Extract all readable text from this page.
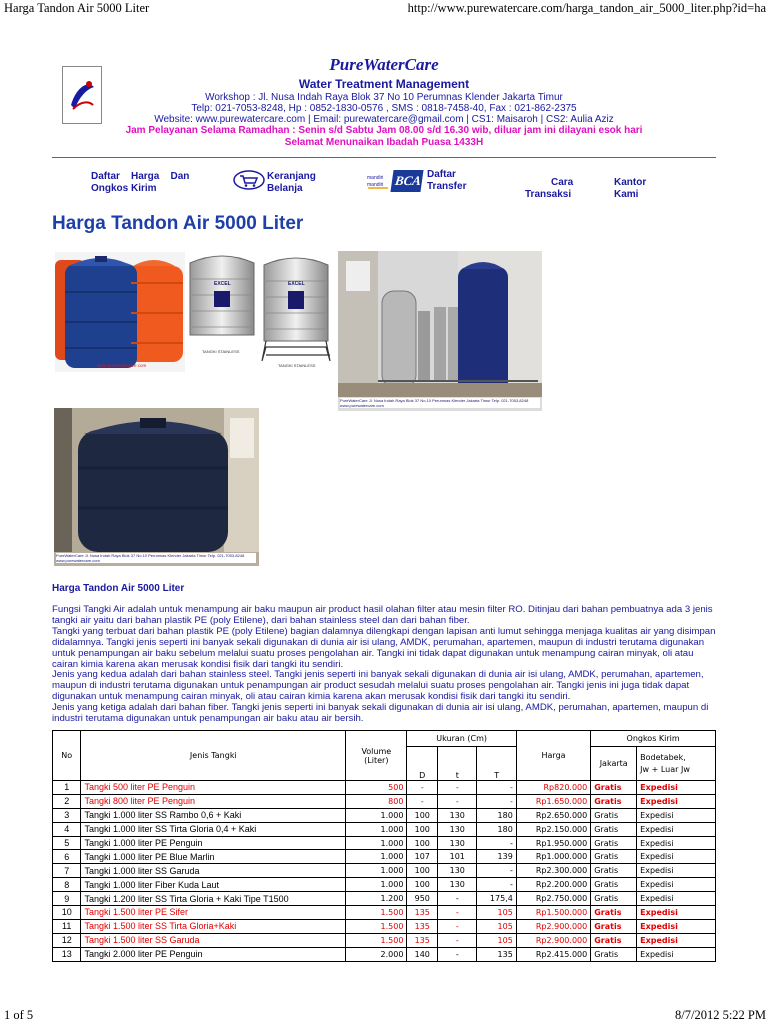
Harga Tandon Air 5000 Liter	http://www.purewatercare.com/harga_tandon_air_5000_liter.php?id=ha
PureWaterCare
Water Treatment Management
Workshop : Jl. Nusa Indah Raya Blok 37 No 10 Perumnas Klender Jakarta Timur
Telp: 021-7053-8248, Hp : 0852-1830-0576 , SMS : 0818-7458-40, Fax : 021-862-2375
Website: www.purewatercare.com | Email: purewatercare@gmail.com | CS1: Maisaroh | CS2: Aulia Aziz
Jam Pelayanan Selama Ramadhan : Senin s/d Sabtu Jam 08.00 s/d 16.30 wib, diluar jam ini dilayani esok hari
Selamat Menunaikan Ibadah Puasa 1433H
Daftar    Harga    Dan
Ongkos Kirim
Keranjang
Belanja
mandiri
mandiri BCA Daftar
Transfer	Cara
Transaksi
Kantor
Kami
Harga Tandon Air 5000 Liter
www.purewatercare.com
EXCEL	EXCEL
TANGKI STAINLESS
TANGKI STAINLESS
PureWaterCare Jl. Nusa Indah Raya Blok 37 No.10 Perumnas Klender Jakarta Timur Telp. 021-7053-8248 www.purewatercare.com
PureWaterCare Jl. Nusa Indah Raya Blok 37 No.10 Perumnas Klender Jakarta Timur Telp. 021-7053-8248 www.purewatercare.com
Harga Tandon Air 5000 Liter

Fungsi Tangki Air adalah untuk menampung air baku maupun air product hasil olahan filter atau mesin filter RO. Ditinjau dari bahan pembuatnya ada 3 jenis tangki air yaitu dari bahan plastik PE (poly Etilene), dari bahan stainless steel dan dari bahan fiber.

Tangki yang terbuat dari bahan plastik PE (poly Etilene) bagian dalamnya dilengkapi dengan lapisan anti lumut sehingga menjaga kualitas air yang disimpan didalamnya. Tangki jenis seperti ini banyak sekali digunakan di dunia air isi ulang, AMDK, perumahan, apartemen, maupun di industri terutama digunakan untuk penampungan air baku sebelum melalui suatu proses pengolahan air. Tangki ini tidak dapat digunakan untuk menampung cairan minyak, oli atau cairan kimia karena akan merusak kondisi fisik dari tangki itu sendiri.

Jenis yang kedua adalah dari bahan stainless steel. Tangki jenis seperti ini banyak sekali digunakan di dunia air isi ulang, AMDK, perumahan, apartemen, maupun di industri terutama digunakan untuk penampungan air product sesudah melalui suatu proses pengolahan air. Tangki jenis ini juga tidak dapat digunakan untuk menampung cairan minyak, oli atau cairan kimia karena akan merusak kondisi fisik dari tangki itu sendiri.

Jenis yang ketiga adalah dari bahan fiber. Tangki jenis seperti ini banyak sekali digunakan di dunia air isi ulang, AMDK, perumahan, apartemen, maupun di industri terutama digunakan untuk penampungan air baku atau air bersih.

No	Jenis Tangki	Volume
(Liter)	Ukuran (Cm)			Harga	Ongkos Kirim	
			D	t	T		Jakarta	Bodetabek,
Jw + Luar Jw

1	Tangki 500 liter PE Penguin	500	-	-	-	Rp820.000	Gratis	Expedisi
2	Tangki 800 liter PE Penguin	800	-	-	-	Rp1.650.000	Gratis	Expedisi
3	Tangki 1.000 liter SS Rambo 0,6 + Kaki	1.000	100	130	180	Rp2.650.000	Gratis	Expedisi
4	Tangki 1.000 liter SS Tirta Gloria 0,4 + Kaki	1.000	100	130	180	Rp2.150.000	Gratis	Expedisi
5	Tangki 1.000 liter PE Penguin	1.000	100	130	-	Rp1.950.000	Gratis	Expedisi
6	Tangki 1.000 liter PE Blue Marlin	1.000	107	101	139	Rp1.000.000	Gratis	Expedisi
7	Tangki 1.000 liter SS Garuda	1.000	100	130	-	Rp2.300.000	Gratis	Expedisi
8	Tangki 1.000 liter Fiber Kuda Laut	1.000	100	130	-	Rp2.200.000	Gratis	Expedisi
9	Tangki 1.200 liter SS Tirta Gloria + Kaki Tipe T1500	1.200	950	-	175,4	Rp2.750.000	Gratis	Expedisi
10	Tangki 1.500 liter PE Sifer	1.500	135	-	105	Rp1.500.000	Gratis	Expedisi
11	Tangki 1.500 liter SS Tirta Gloria+Kaki	1.500	135	-	105	Rp2.900.000	Gratis	Expedisi
12	Tangki 1.500 liter SS Garuda	1.500	135	-	105	Rp2.900.000	Gratis	Expedisi
13	Tangki 2.000 liter PE Penguin	2.000	140	-	135	Rp2.415.000	Gratis	Expedisi
1 of 5	8/7/2012 5:22 PM
